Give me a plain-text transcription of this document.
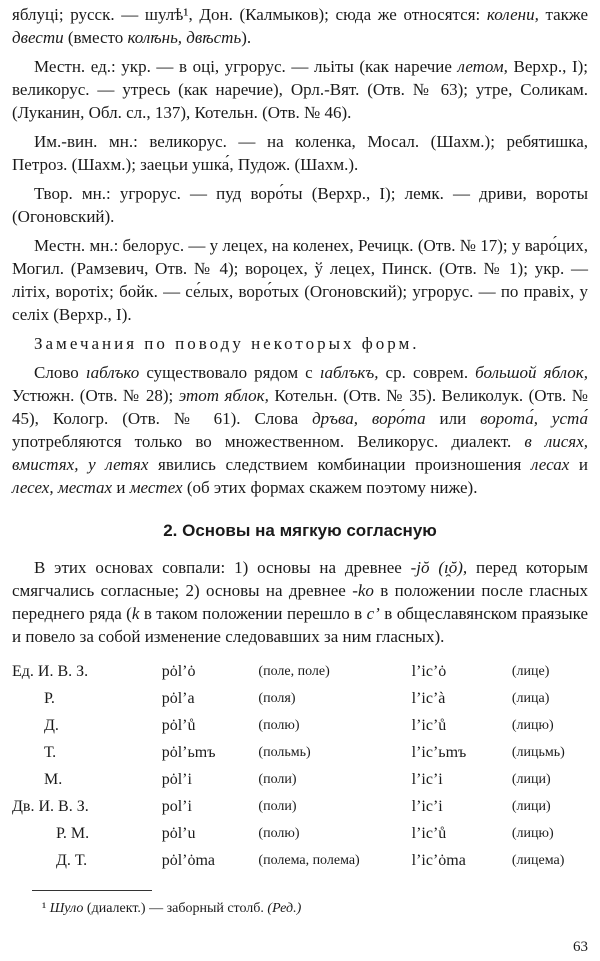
яблуці; русск. — шулѣ¹, Дон. (Калмыков); сюда же относятся: колени, также двести (вместо колѣнь, двѣсть).

Местн. ед.: укр. — в оці, угрорус. — льіты (как наречие летом, Верхр., I); великорус. — утресь (как наречие), Орл.-Вят. (Отв. № 63); утре, Соликам. (Луканин, Обл. сл., 137), Котельн. (Отв. № 46).

Им.-вин. мн.: великорус. — на коленка, Мосал. (Шахм.); ребятишка, Петроз. (Шахм.); заецьи ушка́, Пудож. (Шахм.).

Твор. мн.: угрорус. — пуд воро́ты (Верхр., I); лемк. — дриви, вороты (Огоновский).

Местн. мн.: белорус. — у лецех, на коленех, Речицк. (Отв. № 17); у варо́цих, Могил. (Рамзевич, Отв. № 4); вороцех, ў лецех, Пинск. (Отв. № 1); укр. — літіх, воротіх; бойк. — се́лых, воро́тых (Огоновский); угрорус. — по правіх, у селіх (Верхр., I).

Замечания по поводу некоторых форм.

Слово ıаблъко существовало рядом с ıаблъкъ, ср. соврем. большой яблок, Устюжн. (Отв. № 28); этот яблок, Котельн. (Отв. № 35). Великолук. (Отв. № 45), Кологр. (Отв. № 61). Слова дръва, воро́та или ворота́, уста́ употребляются только во множественном. Великорус. диалект. в лисях, вмистях, у летях явились следствием комбинации произношения лесах и лесех, местах и местех (об этих формах скажем поэтому ниже).

2. Основы на мягкую согласную

В этих основах совпали: 1) основы на древнее -jŏ (ı̯ŏ), перед которым смягчались согласные; 2) основы на древнее -ko в положении после гласных переднего ряда (k в таком положении перешло в c’ в общеславянском праязыке и повело за собой изменение следовавших за ним гласных).

Ед. И. В. З.	pȯl’ȯ	(поле, поле)	l’ic’ȯ	(лице)
Р.	pȯl’a	(поля)	l’ic’à	(лица)
Д.	pȯl’ů	(полю)	l’ic’ů	(лицю)
Т.	pȯl’ьmъ	(польмь)	l’ic’ьmъ	(лицьмь)
М.	pȯl’i	(поли)	l’ic’i	(лици)
Дв. И. В. З.	pol’i	(поли)	l’ic’i	(лици)
Р. М.	pȯl’u	(полю)	l’ic’ů	(лицю)
Д. Т.	pȯl’ȯma	(полема, полема)	l’ic’ȯma	(лицема)
¹ Шуло (диалект.) — заборный столб. (Ред.)
63
